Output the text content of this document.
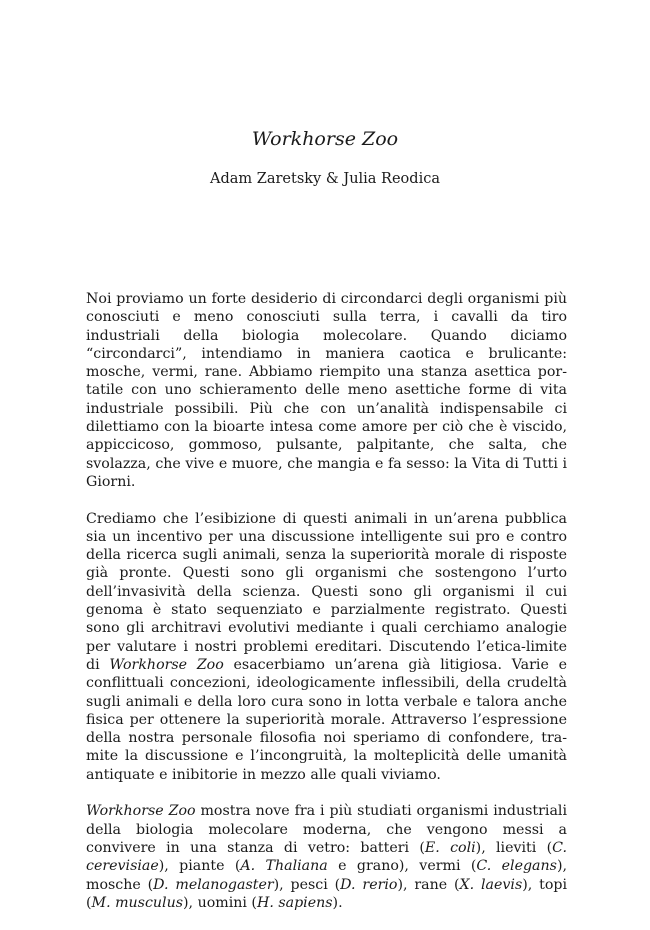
Workhorse Zoo
Adam Zaretsky & Julia Reodica

Noi proviamo un forte desiderio di circondarci degli organismi più conosciuti e meno conosciuti sulla terra, i cavalli da tiro industriali della biologia molecolare. Quando diciamo “circondarci”, intendiamo in maniera caotica e brulicante: mosche, vermi, rane. Abbiamo riempito una stanza asettica portatile con uno schieramento delle meno asettiche forme di vita industriale possibili. Più che con un’analità indispensabile ci dilettiamo con la bioarte intesa come amore per ciò che è viscido, appiccicoso, gommoso, pulsante, palpitante, che salta, che svolazza, che vive e muore, che mangia e fa sesso: la Vita di Tutti i Giorni.

Crediamo che l’esibizione di questi animali in un’arena pubblica sia un incentivo per una discussione intelligente sui pro e contro della ricerca sugli animali, senza la superiorità morale di risposte già pronte. Questi sono gli organismi che sostengono l’urto dell’invasività della scienza. Questi sono gli organismi il cui genoma è stato sequenziato e parzialmente registrato. Questi sono gli architravi evolutivi mediante i quali cerchiamo analogie per valutare i nostri problemi ereditari. Discutendo l’etica-limite di Workhorse Zoo esacerbiamo un’arena già litigiosa. Varie e conflittuali concezioni, ideologicamente inflessibili, della crudeltà sugli animali e della loro cura sono in lotta verbale e talora anche fisica per ottenere la superiorità morale. Attraverso l’espressione della nostra personale filosofia noi speriamo di confondere, tramite la discussione e l’incongruità, la molteplicità delle umanità antiquate e inibitorie in mezzo alle quali viviamo.

Workhorse Zoo mostra nove fra i più studiati organismi industriali della biologia molecolare moderna, che vengono messi a convivere in una stanza di vetro: batteri (E. coli), lieviti (C. cerevisiae), piante (A. Thaliana e grano), vermi (C. elegans), mosche (D. melanogaster), pesci (D. rerio), rane (X. laevis), topi (M. musculus), uomini (H. sapiens).
